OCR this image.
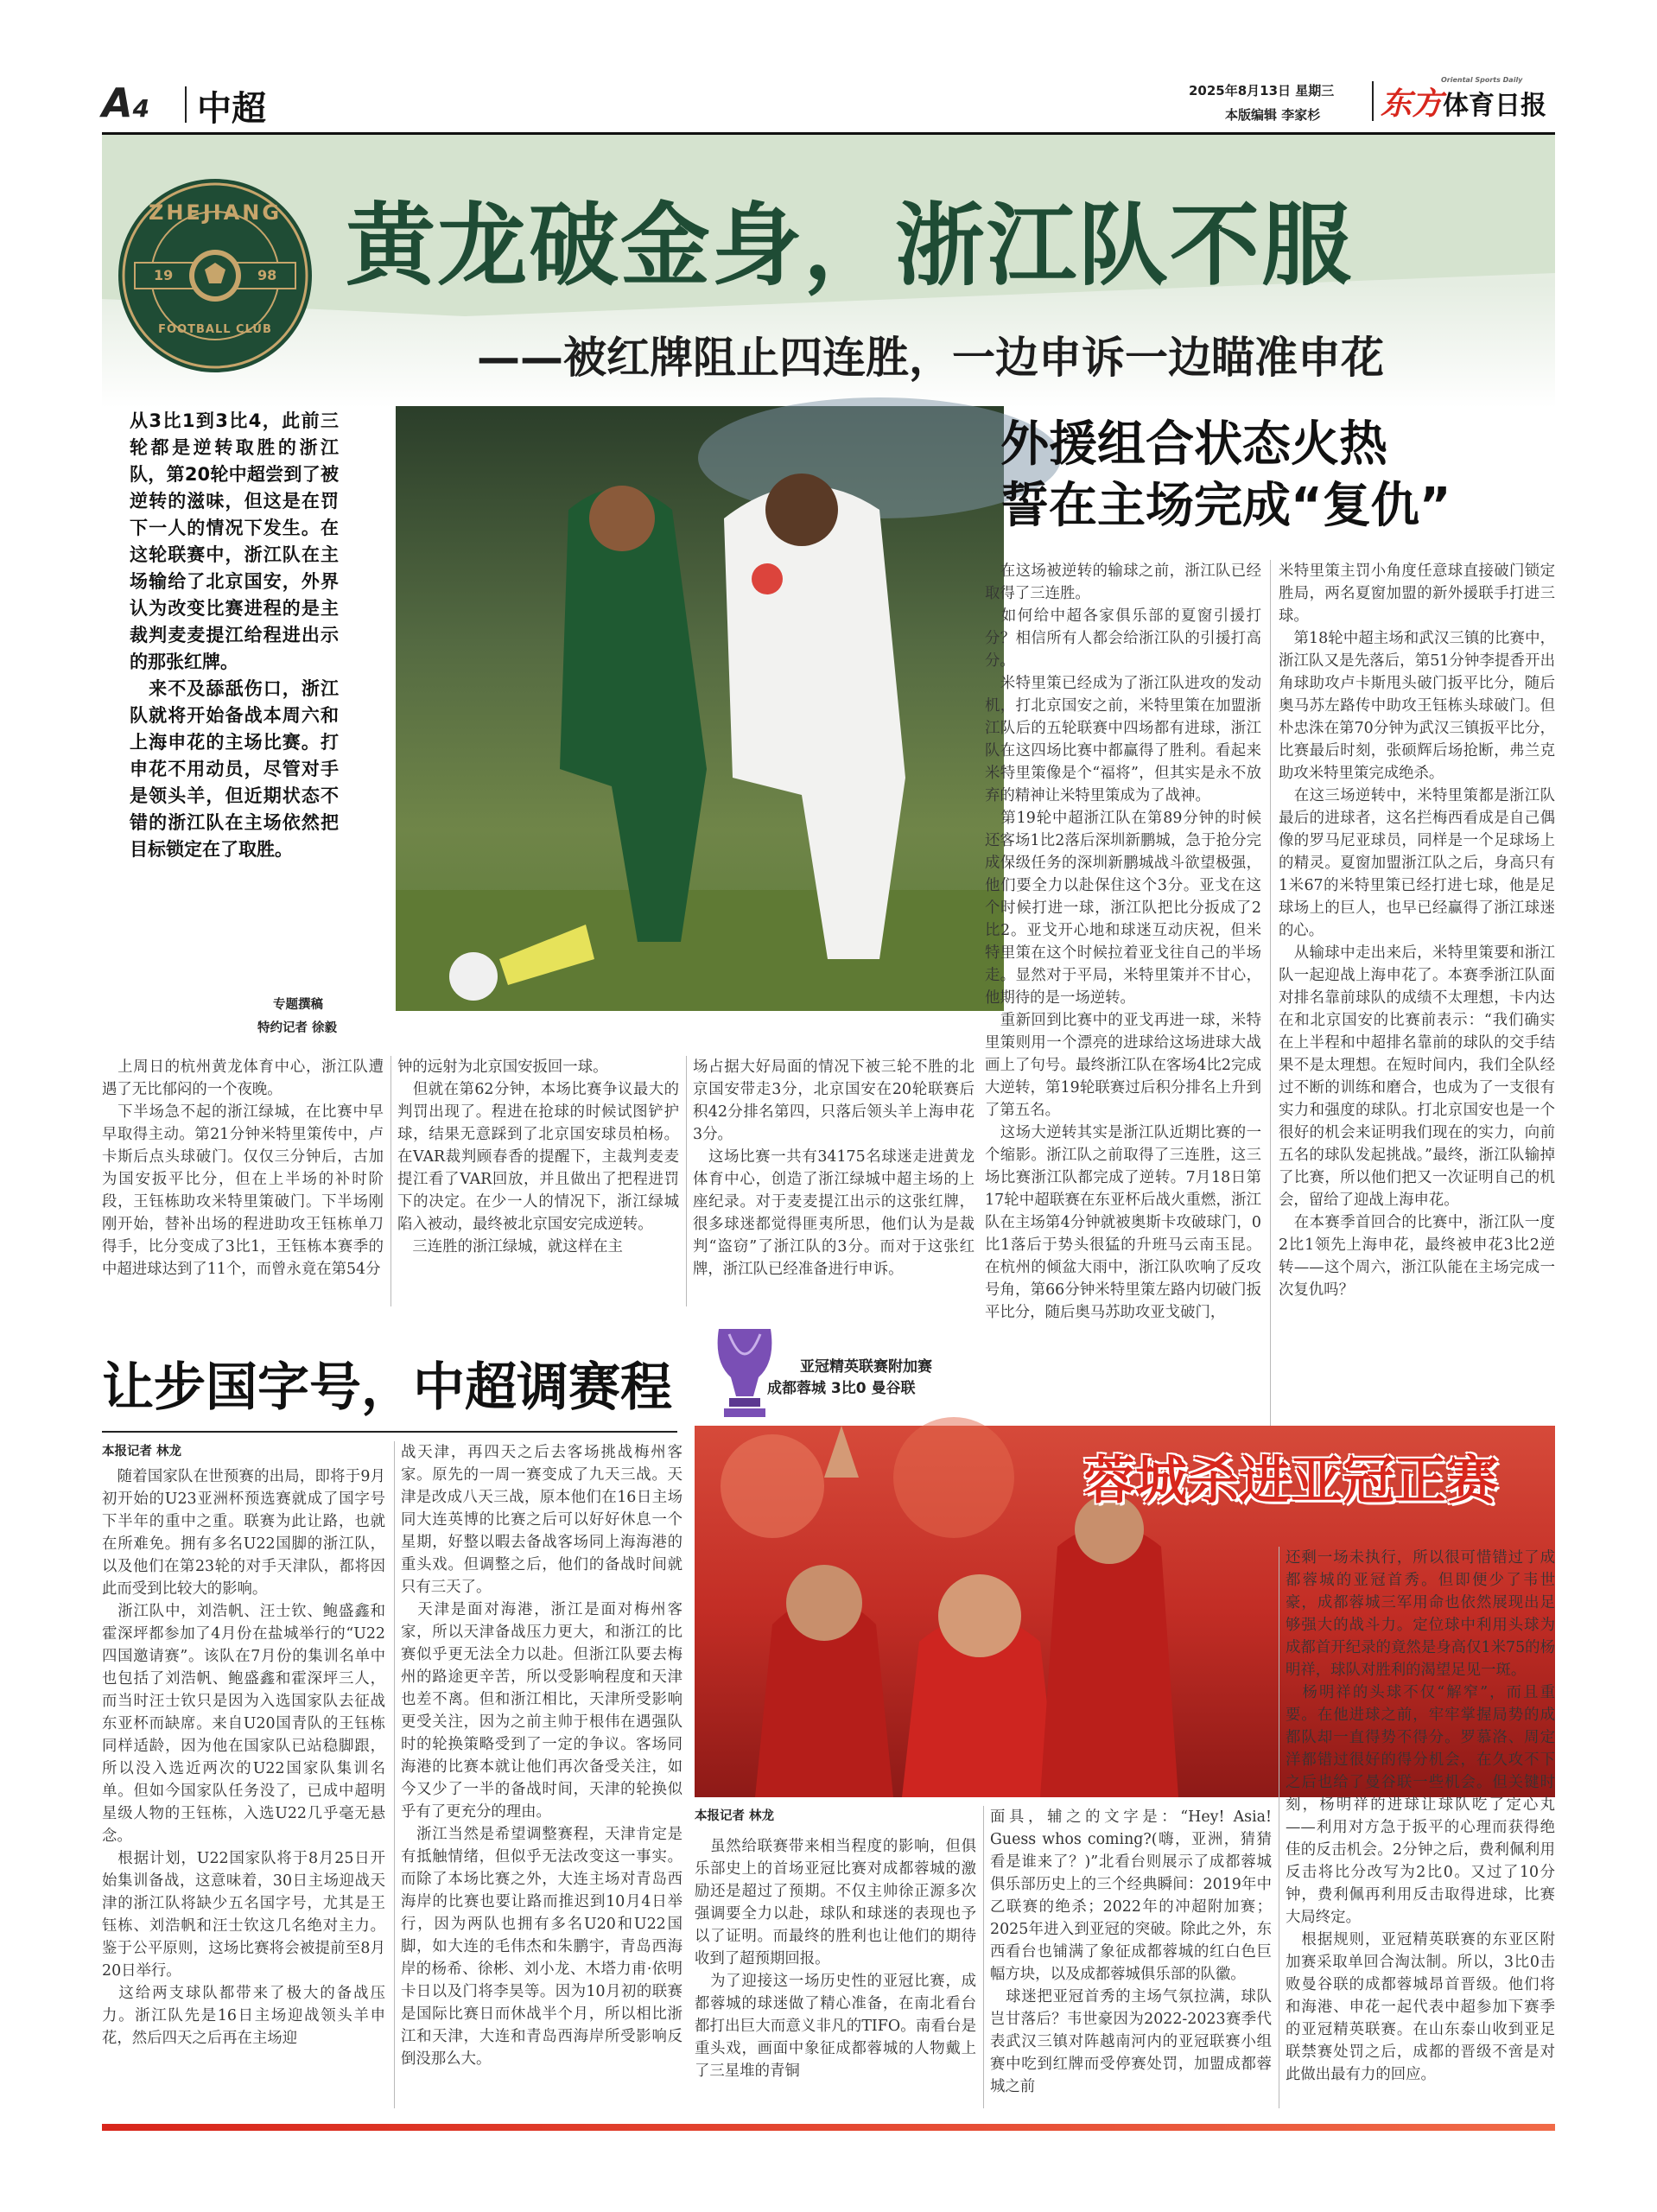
A4 中超	2025年8月13日 星期三
本版编辑 李家杉 东方体育日报
Oriental Sports Daily
ZHEJIANG
FOOTBALL CLUB
19	98 黄龙破金身，浙江队不服
——被红牌阻止四连胜，一边申诉一边瞄准申花
从3比1到3比4，此前三轮都是逆转取胜的浙江队，第20轮中超尝到了被逆转的滋味，但这是在罚下一人的情况下发生。在这轮联赛中，浙江队在主场输给了北京国安，外界认为改变比赛进程的是主裁判麦麦提江给程进出示的那张红牌。
　来不及舔舐伤口，浙江队就将开始备战本周六和上海申花的主场比赛。打申花不用动员，尽管对手是领头羊，但近期状态不错的浙江队在主场依然把目标锁定在了取胜。
专题撰稿
特约记者 徐毅
外援组合状态火热
誓在主场完成“复仇”
　在这场被逆转的输球之前，浙江队已经取得了三连胜。
　如何给中超各家俱乐部的夏窗引援打分？相信所有人都会给浙江队的引援打高分。
　米特里策已经成为了浙江队进攻的发动机，打北京国安之前，米特里策在加盟浙江队后的五轮联赛中四场都有进球，浙江队在这四场比赛中都赢得了胜利。看起来米特里策像是个“福将”，但其实是永不放弃的精神让米特里策成为了战神。
　第19轮中超浙江队在第89分钟的时候还客场1比2落后深圳新鹏城，急于抢分完成保级任务的深圳新鹏城战斗欲望极强，他们要全力以赴保住这个3分。亚戈在这个时候打进一球，浙江队把比分扳成了2比2。亚戈开心地和球迷互动庆祝，但米特里策在这个时候拉着亚戈往自己的半场走。显然对于平局，米特里策并不甘心，他期待的是一场逆转。
　重新回到比赛中的亚戈再进一球，米特里策则用一个漂亮的进球给这场进球大战画上了句号。最终浙江队在客场4比2完成大逆转，第19轮联赛过后积分排名上升到了第五名。
　这场大逆转其实是浙江队近期比赛的一个缩影。浙江队之前取得了三连胜，这三场比赛浙江队都完成了逆转。7月18日第17轮中超联赛在东亚杯后战火重燃，浙江队在主场第4分钟就被奥斯卡攻破球门，0比1落后于势头很猛的升班马云南玉昆。在杭州的倾盆大雨中，浙江队吹响了反攻号角，第66分钟米特里策左路内切破门扳平比分，随后奥马苏助攻亚戈破门，
米特里策主罚小角度任意球直接破门锁定胜局，两名夏窗加盟的新外援联手打进三球。
　第18轮中超主场和武汉三镇的比赛中，浙江队又是先落后，第51分钟李提香开出角球助攻卢卡斯甩头破门扳平比分，随后奥马苏左路传中助攻王钰栋头球破门。但朴忠洙在第70分钟为武汉三镇扳平比分，比赛最后时刻，张硕辉后场抢断，弗兰克助攻米特里策完成绝杀。
　在这三场逆转中，米特里策都是浙江队最后的进球者，这名拦梅西看成是自己偶像的罗马尼亚球员，同样是一个足球场上的精灵。夏窗加盟浙江队之后，身高只有1米67的米特里策已经打进七球，他是足球场上的巨人，也早已经赢得了浙江球迷的心。
　从输球中走出来后，米特里策要和浙江队一起迎战上海申花了。本赛季浙江队面对排名靠前球队的成绩不太理想，卡内达在和北京国安的比赛前表示：“我们确实在上半程和中超排名靠前的球队的交手结果不是太理想。在短时间内，我们全队经过不断的训练和磨合，也成为了一支很有实力和强度的球队。打北京国安也是一个很好的机会来证明我们现在的实力，向前五名的球队发起挑战。”最终，浙江队输掉了比赛，所以他们把又一次证明自己的机会，留给了迎战上海申花。
　在本赛季首回合的比赛中，浙江队一度2比1领先上海申花，最终被申花3比2逆转——这个周六，浙江队能在主场完成一次复仇吗？
　上周日的杭州黄龙体育中心，浙江队遭遇了无比郁闷的一个夜晚。
　下半场急不起的浙江绿城，在比赛中早早取得主动。第21分钟米特里策传中，卢卡斯后点头球破门。仅仅三分钟后，古加为国安扳平比分，但在上半场的补时阶段，王钰栋助攻米特里策破门。下半场刚刚开始，替补出场的程进助攻王钰栋单刀得手，比分变成了3比1，王钰栋本赛季的中超进球达到了11个，而曾永竟在第54分
钟的远射为北京国安扳回一球。
　但就在第62分钟，本场比赛争议最大的判罚出现了。程进在抢球的时候试图铲护球，结果无意踩到了北京国安球员柏杨。在VAR裁判顾春香的提醒下，主裁判麦麦提江看了VAR回放，并且做出了把程进罚下的决定。在少一人的情况下，浙江绿城陷入被动，最终被北京国安完成逆转。
　三连胜的浙江绿城，就这样在主
场占据大好局面的情况下被三轮不胜的北京国安带走3分，北京国安在20轮联赛后积42分排名第四，只落后领头羊上海申花3分。
　这场比赛一共有34175名球迷走进黄龙体育中心，创造了浙江绿城中超主场的上座纪录。对于麦麦提江出示的这张红牌，很多球迷都觉得匪夷所思，他们认为是裁判“盗窃”了浙江队的3分。而对于这张红牌，浙江队已经准备进行申诉。
让步国字号，中超调赛程
本报记者 林龙
　随着国家队在世预赛的出局，即将于9月初开始的U23亚洲杯预选赛就成了国字号下半年的重中之重。联赛为此让路，也就在所难免。拥有多名U22国脚的浙江队，以及他们在第23轮的对手天津队，都将因此而受到比较大的影响。
　浙江队中，刘浩帆、汪士钦、鲍盛鑫和霍深坪都参加了4月份在盐城举行的“U22四国邀请赛”。该队在7月份的集训名单中也包括了刘浩帆、鲍盛鑫和霍深坪三人，而当时汪士钦只是因为入选国家队去征战东亚杯而缺席。来自U20国青队的王钰栋同样适龄，因为他在国家队已站稳脚跟，所以没入选近两次的U22国家队集训名单。但如今国家队任务没了，已成中超明星级人物的王钰栋，入选U22几乎毫无悬念。
　根据计划，U22国家队将于8月25日开始集训备战，这意味着，30日主场迎战天津的浙江队将缺少五名国字号，尤其是王钰栋、刘浩帆和汪士钦这几名绝对主力。鉴于公平原则，这场比赛将会被提前至8月20日举行。
　这给两支球队都带来了极大的备战压力。浙江队先是16日主场迎战领头羊申花，然后四天之后再在主场迎
战天津，再四天之后去客场挑战梅州客家。原先的一周一赛变成了九天三战。天津是改成八天三战，原本他们在16日主场同大连英博的比赛之后可以好好休息一个星期，好整以暇去备战客场同上海海港的重头戏。但调整之后，他们的备战时间就只有三天了。
　天津是面对海港，浙江是面对梅州客家，所以天津备战压力更大，和浙江的比赛似乎更无法全力以赴。但浙江队要去梅州的路途更辛苦，所以受影响程度和天津也差不离。但和浙江相比，天津所受影响更受关注，因为之前主帅于根伟在遇强队时的轮换策略受到了一定的争议。客场同海港的比赛本就让他们再次备受关注，如今又少了一半的备战时间，天津的轮换似乎有了更充分的理由。
　浙江当然是希望调整赛程，天津肯定是有抵触情绪，但似乎无法改变这一事实。而除了本场比赛之外，大连主场对青岛西海岸的比赛也要让路而推迟到10月4日举行，因为两队也拥有多名U20和U22国脚，如大连的毛伟杰和朱鹏宇，青岛西海岸的杨希、徐彬、刘小龙、木塔力甫·依明卡日以及门将李昊等。因为10月初的联赛是国际比赛日而休战半个月，所以相比浙江和天津，大连和青岛西海岸所受影响反倒没那么大。
亚冠精英联赛附加赛
成都蓉城 3比0 曼谷联
蓉城杀进亚冠正赛
本报记者 林龙
　虽然给联赛带来相当程度的影响，但俱乐部史上的首场亚冠比赛对成都蓉城的激励还是超过了预期。不仅主帅徐正源多次强调要全力以赴，球队和球迷的表现也予以了证明。而最终的胜利也让他们的期待收到了超预期回报。
　为了迎接这一场历史性的亚冠比赛，成都蓉城的球迷做了精心准备，在南北看台都打出巨大而意义非凡的TIFO。南看台是重头戏，画面中象征成都蓉城的人物戴上了三星堆的青铜
面具，辅之的文字是：“Hey! Asia! Guess whos coming?(嗨，亚洲，猜猜看是谁来了？)”北看台则展示了成都蓉城俱乐部历史上的三个经典瞬间：2019年中乙联赛的绝杀；2022年的冲超附加赛；2025年进入到亚冠的突破。除此之外，东西看台也铺满了象征成都蓉城的红白色巨幅方块，以及成都蓉城俱乐部的队徽。
　球迷把亚冠首秀的主场气氛拉满，球队岂甘落后？韦世豪因为2022-2023赛季代表武汉三镇对阵越南河内的亚冠联赛小组赛中吃到红牌而受停赛处罚，加盟成都蓉城之前
还剩一场未执行，所以很可惜错过了成都蓉城的亚冠首秀。但即便少了韦世豪，成都蓉城三军用命也依然展现出足够强大的战斗力。定位球中利用头球为成都首开纪录的竟然是身高仅1米75的杨明祥，球队对胜利的渴望足见一斑。
　杨明祥的头球不仅“解窄”，而且重要。在他进球之前，牢牢掌握局势的成都队却一直得势不得分。罗慕洛、周定洋都错过很好的得分机会，在久攻不下之后也给了曼谷联一些机会。但关键时刻，杨明祥的进球让球队吃了定心丸——利用对方急于扳平的心理而获得绝佳的反击机会。2分钟之后，费利佩利用反击将比分改写为2比0。又过了10分钟，费利佩再利用反击取得进球，比赛大局终定。
　根据规则，亚冠精英联赛的东亚区附加赛采取单回合淘汰制。所以，3比0击败曼谷联的成都蓉城昂首晋级。他们将和海港、申花一起代表中超参加下赛季的亚冠精英联赛。在山东泰山收到亚足联禁赛处罚之后，成都的晋级不啻是对此做出最有力的回应。
